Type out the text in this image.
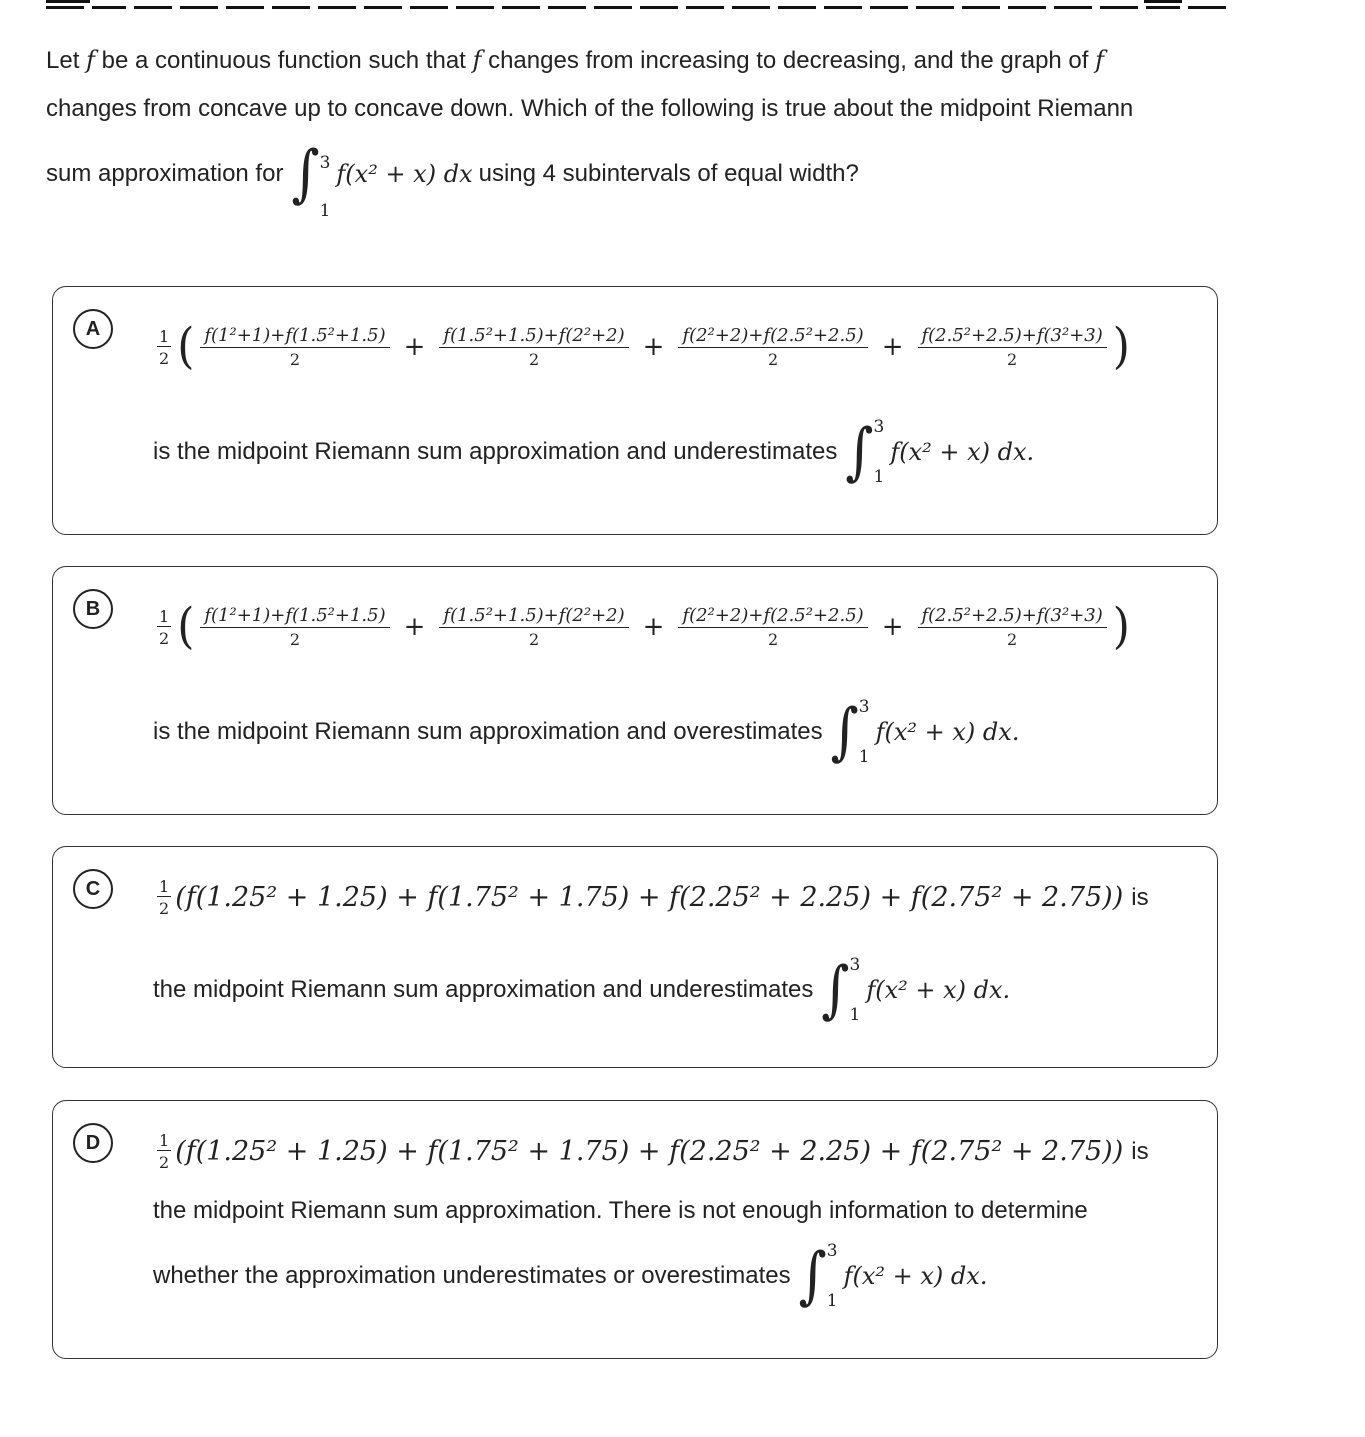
Let f be a continuous function such that f changes from increasing to decreasing, and the graph of f
changes from concave up to concave down. Which of the following is true about the midpoint Riemann
sum approximation for ∫ 3
1
f(x² + x) dx using 4 subintervals of equal width?
A	$\frac{1}{2}$ ( $\frac{\text{f(1²+1)+f(1.5²+1.5)}}{2} + \frac{\text{f(1.5²+1.5)+f(2²+2)}}{2} + \frac{\text{f(2²+2)+f(2.5²+2.5)}}{2} + \frac{\text{f(2.5²+2.5)+f(3²+3)}}{2}$ )
is the midpoint Riemann sum approximation and underestimates ∫ 3
1
f(x² + x) dx.
B	$\frac{1}{2}$ ( $\frac{\text{f(1²+1)+f(1.5²+1.5)}}{2} + \frac{\text{f(1.5²+1.5)+f(2²+2)}}{2} + \frac{\text{f(2²+2)+f(2.5²+2.5)}}{2} + \frac{\text{f(2.5²+2.5)+f(3²+3)}}{2}$ )
is the midpoint Riemann sum approximation and overestimates ∫ 3
1
f(x² + x) dx.
C	$\frac{1}{2} (f(1.25^2 + 1.25) + f(1.75^2 + 1.75) + f(2.25^2 + 2.25) + f(2.75^2 + 2.75))$ is
the midpoint Riemann sum approximation and underestimates ∫ 3
1
f(x² + x) dx.
D	$\frac{1}{2} (f(1.25^2 + 1.25) + f(1.75^2 + 1.75) + f(2.25^2 + 2.25) + f(2.75^2 + 2.75))$ is
the midpoint Riemann sum approximation. There is not enough information to determine
whether the approximation underestimates or overestimates ∫ 3
1
f(x² + x) dx.
